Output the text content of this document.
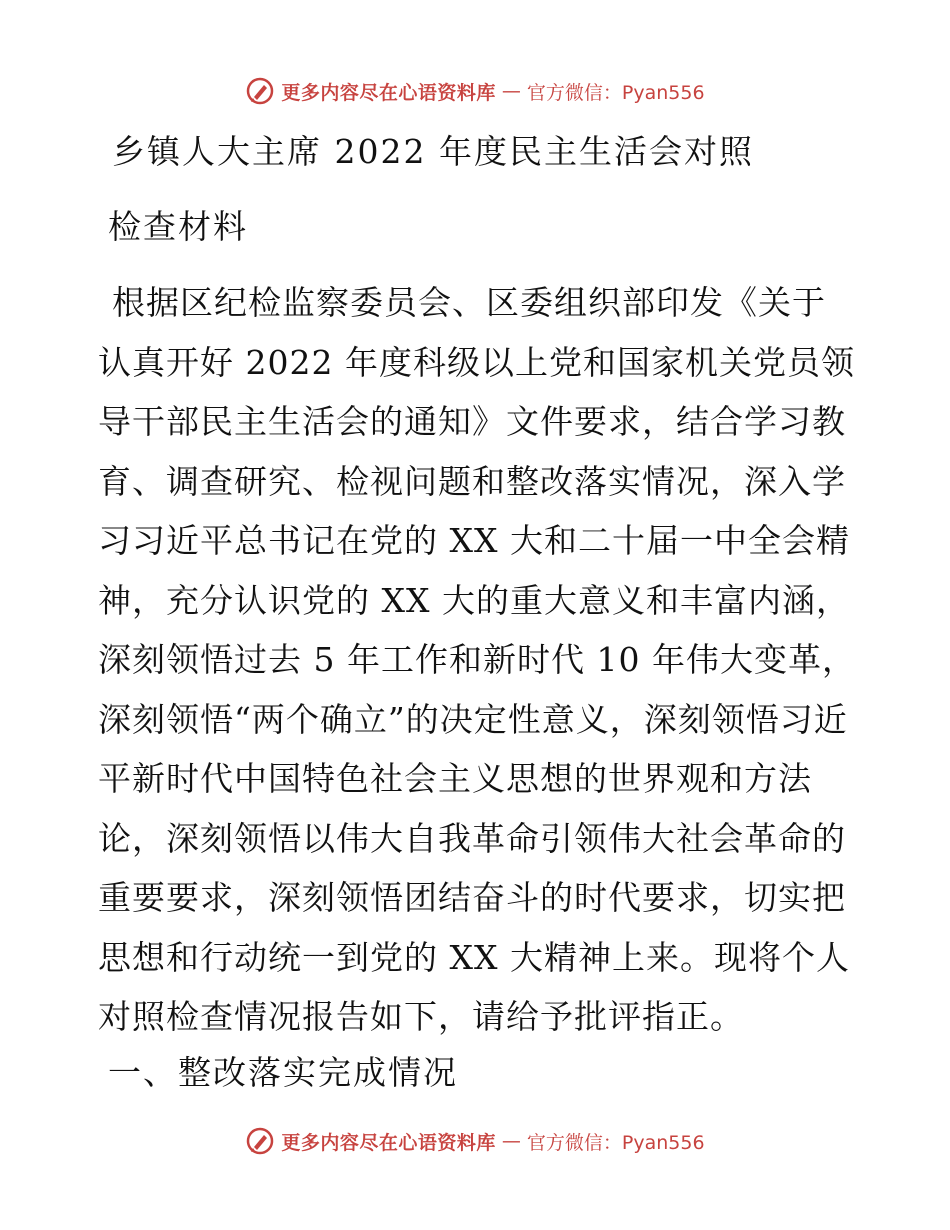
更多内容尽在心语资料库 — 官方微信：Pyan556
乡镇人大主席 2022 年度民主生活会对照
检查材料
根据区纪检监察委员会、区委组织部印发《关于认真开好 2022 年度科级以上党和国家机关党员领导干部民主生活会的通知》文件要求，结合学习教育、调查研究、检视问题和整改落实情况，深入学习习近平总书记在党的 XX 大和二十届一中全会精神，充分认识党的 XX 大的重大意义和丰富内涵，深刻领悟过去 5 年工作和新时代 10 年伟大变革，深刻领悟“两个确立”的决定性意义，深刻领悟习近平新时代中国特色社会主义思想的世界观和方法论，深刻领悟以伟大自我革命引领伟大社会革命的重要要求，深刻领悟团结奋斗的时代要求，切实把思想和行动统一到党的 XX 大精神上来。现将个人对照检查情况报告如下，请给予批评指正。
一、整改落实完成情况
更多内容尽在心语资料库 — 官方微信：Pyan556
